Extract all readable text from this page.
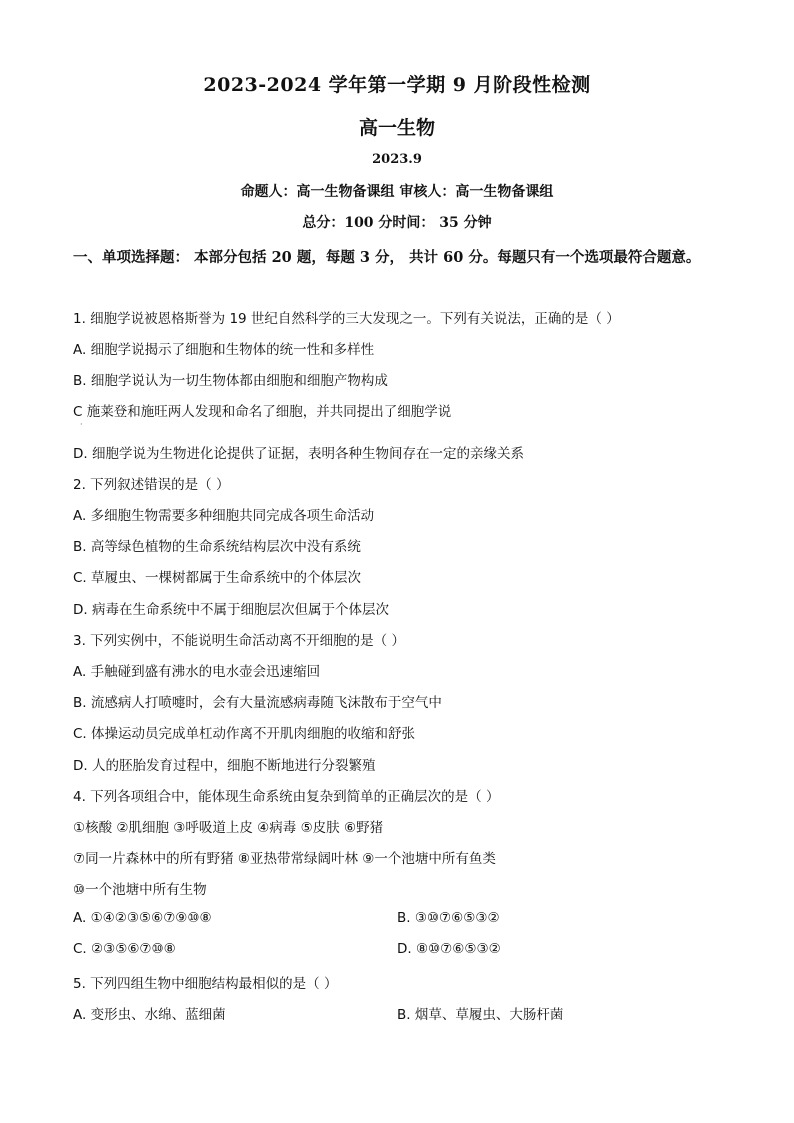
2023-2024 学年第一学期 9 月阶段性检测
高一生物
2023.9
命题人：高一生物备课组 审核人：高一生物备课组
总分：100 分时间： 35 分钟
一、单项选择题： 本部分包括 20 题，每题 3 分， 共计 60 分。每题只有一个选项最符合题意。
1. 细胞学说被恩格斯誉为 19 世纪自然科学的三大发现之一。下列有关说法，正确的是（ ）
A. 细胞学说揭示了细胞和生物体的统一性和多样性
B. 细胞学说认为一切生物体都由细胞和细胞产物构成
C 施莱登和施旺两人发现和命名了细胞，并共同提出了细胞学说
·
D. 细胞学说为生物进化论提供了证据，表明各种生物间存在一定的亲缘关系
2. 下列叙述错误的是（ ）
A. 多细胞生物需要多种细胞共同完成各项生命活动
B. 高等绿色植物的生命系统结构层次中没有系统
C. 草履虫、一棵树都属于生命系统中的个体层次
D. 病毒在生命系统中不属于细胞层次但属于个体层次
3. 下列实例中，不能说明生命活动离不开细胞的是（ ）
A. 手触碰到盛有沸水的电水壶会迅速缩回
B. 流感病人打喷嚏时，会有大量流感病毒随飞沫散布于空气中
C. 体操运动员完成单杠动作离不开肌肉细胞的收缩和舒张
D. 人的胚胎发育过程中，细胞不断地进行分裂繁殖
4. 下列各项组合中，能体现生命系统由复杂到简单的正确层次的是（ ）
①核酸 ②肌细胞 ③呼吸道上皮 ④病毒 ⑤皮肤 ⑥野猪
⑦同一片森林中的所有野猪 ⑧亚热带常绿阔叶林 ⑨一个池塘中所有鱼类
⑩一个池塘中所有生物
A. ①④②③⑤⑥⑦⑨⑩⑧	B. ③⑩⑦⑥⑤③②
C. ②③⑤⑥⑦⑩⑧	D. ⑧⑩⑦⑥⑤③②
5. 下列四组生物中细胞结构最相似的是（ ）
A. 变形虫、水绵、蓝细菌	B. 烟草、草履虫、大肠杆菌
